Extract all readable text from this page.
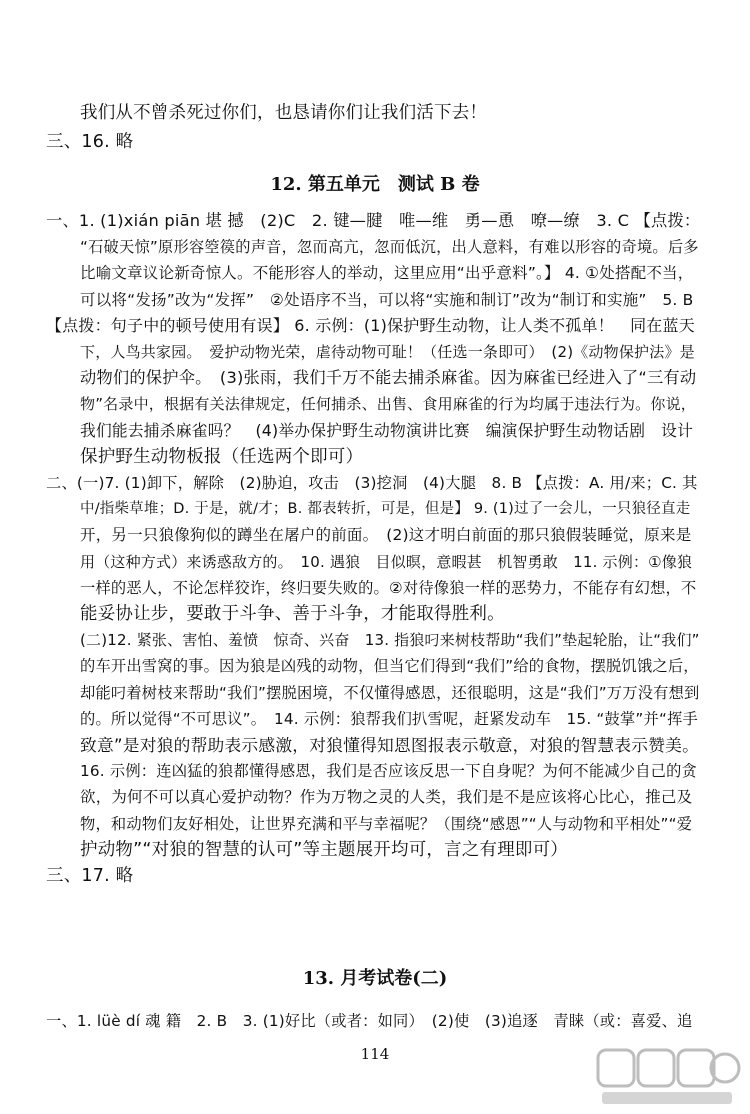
我们从不曾杀死过你们，也恳请你们让我们活下去！
三、16. 略
12. 第五单元　测试 B 卷
一、1. (1)xián piān 堪 撼　(2)C　2. 键—腱　唯—维　勇—恿　嘹—缭　3. C 【点拨：
“石破天惊”原形容箜篌的声音，忽而高亢，忽而低沉，出人意料，有难以形容的奇境。后多
比喻文章议论新奇惊人。不能形容人的举动，这里应用“出乎意料”。】 4. ①处搭配不当，
可以将“发扬”改为“发挥”　②处语序不当，可以将“实施和制订”改为“制订和实施”　5. B
【点拨：句子中的顿号使用有误】 6. 示例：(1)保护野生动物，让人类不孤单！　同在蓝天
下，人鸟共家园。　爱护动物光荣，虐待动物可耻！（任选一条即可）　(2)《动物保护法》是
动物们的保护伞。　(3)张雨，我们千万不能去捕杀麻雀。因为麻雀已经进入了“三有动
物”名录中，根据有关法律规定，任何捕杀、出售、食用麻雀的行为均属于违法行为。你说，
我们能去捕杀麻雀吗？　(4)举办保护野生动物演讲比赛　编演保护野生动物话剧　设计
保护野生动物板报（任选两个即可）
二、(一)7. (1)卸下，解除　(2)胁迫，攻击　(3)挖洞　(4)大腿　8. B 【点拨：A. 用/来；C. 其
中/指柴草堆；D. 于是，就/才；B. 都表转折，可是，但是】 9. (1)过了一会儿，一只狼径直走
开，另一只狼像狗似的蹲坐在屠户的前面。　(2)这才明白前面的那只狼假装睡觉，原来是
用（这种方式）来诱惑敌方的。　10. 遇狼　目似暝，意暇甚　机智勇敢　11. 示例：①像狼
一样的恶人，不论怎样狡诈，终归要失败的。②对待像狼一样的恶势力，不能存有幻想，不
能妥协让步，要敢于斗争、善于斗争，才能取得胜利。
(二)12. 紧张、害怕、羞愤　惊奇、兴奋　13. 指狼叼来树枝帮助“我们”垫起轮胎，让“我们”
的车开出雪窝的事。因为狼是凶残的动物，但当它们得到“我们”给的食物，摆脱饥饿之后，
却能叼着树枝来帮助“我们”摆脱困境，不仅懂得感恩，还很聪明，这是“我们”万万没有想到
的。所以觉得“不可思议”。　14. 示例：狼帮我们扒雪呢，赶紧发动车　15. “鼓掌”并“挥手
致意”是对狼的帮助表示感激，对狼懂得知恩图报表示敬意，对狼的智慧表示赞美。
16. 示例：连凶猛的狼都懂得感恩，我们是否应该反思一下自身呢？为何不能减少自己的贪
欲，为何不可以真心爱护动物？作为万物之灵的人类，我们是不是应该将心比心，推己及
物，和动物们友好相处，让世界充满和平与幸福呢？（围绕“感恩”“人与动物和平相处”“爱
护动物”“对狼的智慧的认可”等主题展开均可，言之有理即可）
三、17. 略
13. 月考试卷(二)
一、1. lüè dí 魂 籍　2. B　3. (1)好比（或者：如同）　(2)使　(3)追逐　青睐（或：喜爱、追
114
